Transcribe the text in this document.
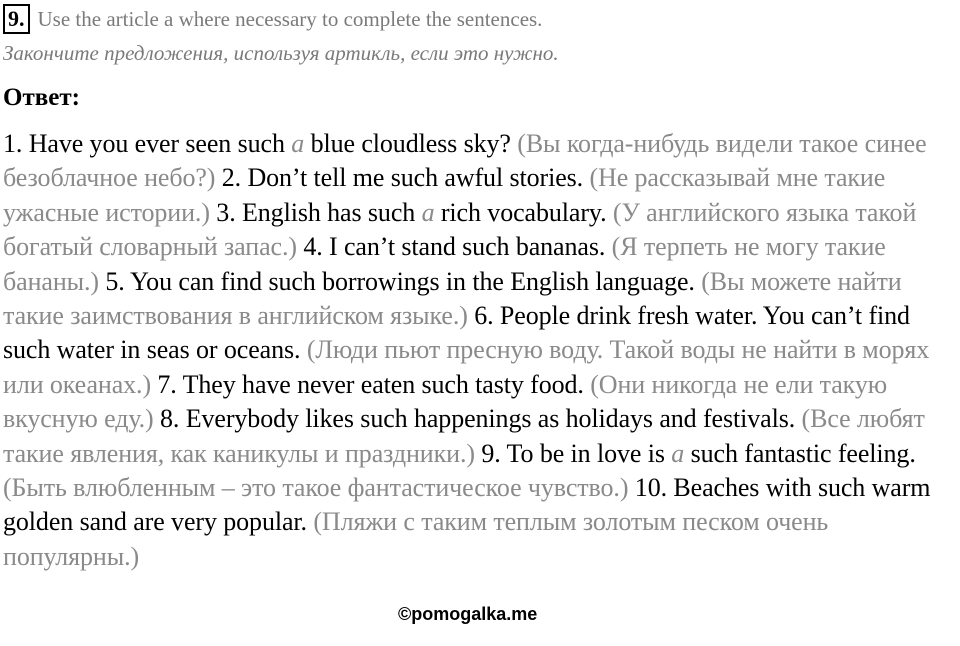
9. Use the article a where necessary to complete the sentences.
Закончите предложения, используя артикль, если это нужно.
Ответ:
1. Have you ever seen such a blue cloudless sky? (Вы когда-нибудь видели такое синее безоблачное небо?) 2. Don’t tell me such awful stories. (Не рассказывай мне такие ужасные истории.) 3. English has such a rich vocabulary. (У английского языка такой богатый словарный запас.) 4. I can’t stand such bananas. (Я терпеть не могу такие бананы.) 5. You can find such borrowings in the English language. (Вы можете найти такие заимствования в английском языке.) 6. People drink fresh water. You can’t find such water in seas or oceans. (Люди пьют пресную воду. Такой воды не найти в морях или океанах.) 7. They have never eaten such tasty food. (Они никогда не ели такую вкусную еду.) 8. Everybody likes such happenings as holidays and festivals. (Все любят такие явления, как каникулы и праздники.) 9. To be in love is a such fantastic feeling. (Быть влюбленным – это такое фантастическое чувство.) 10. Beaches with such warm golden sand are very popular. (Пляжи с таким теплым золотым песком очень популярны.)
©pomogalka.me
